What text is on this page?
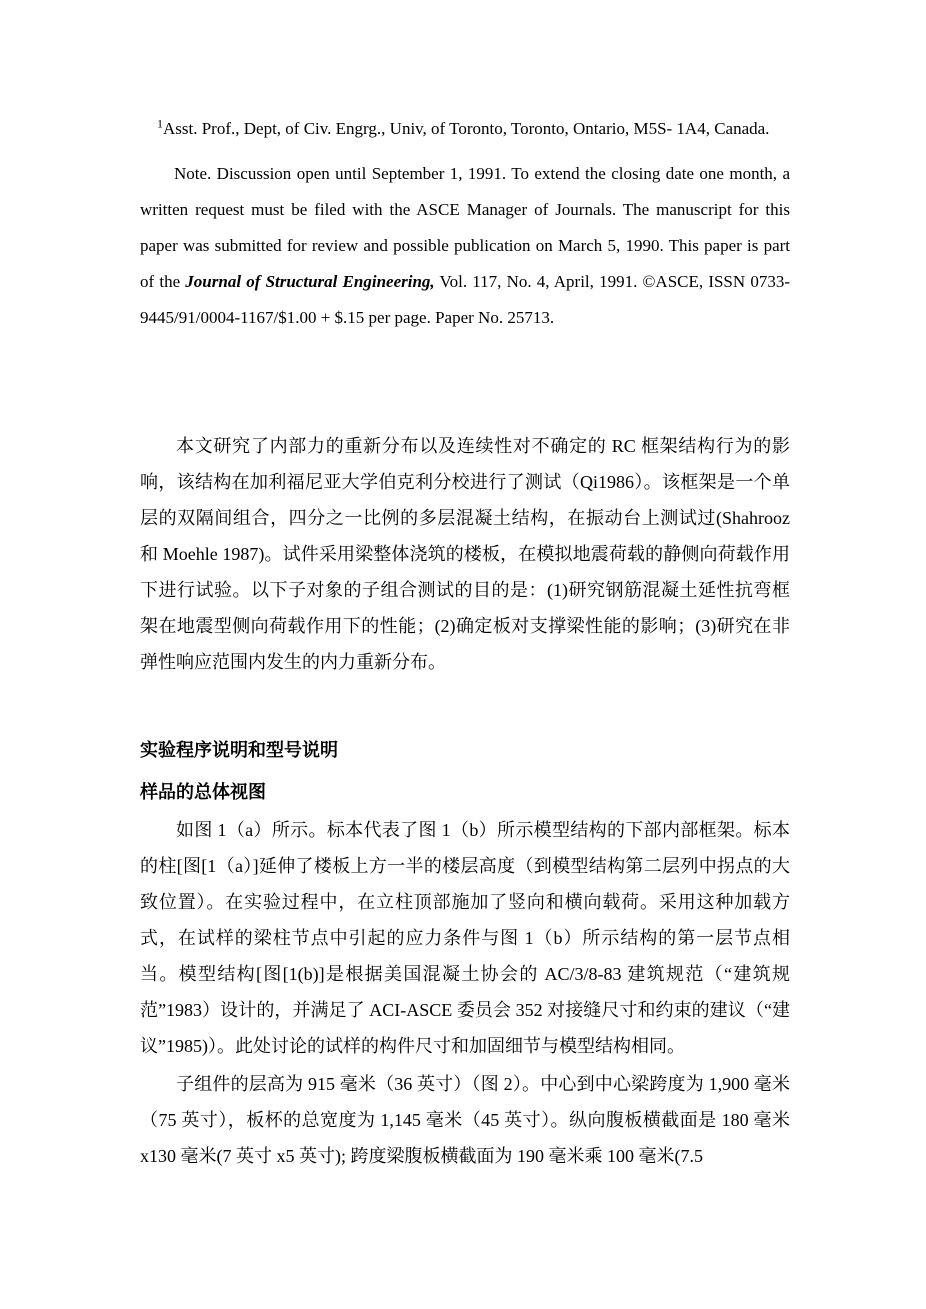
$^1$Asst. Prof., Dept, of Civ. Engrg., Univ, of Toronto, Toronto, Ontario, M5S- 1A4, Canada.

Note. Discussion open until September 1, 1991. To extend the closing date one month, a written request must be filed with the ASCE Manager of Journals. The manuscript for this paper was submitted for review and possible publication on March 5, 1990. This paper is part of the Journal of Structural Engineering, Vol. 117, No. 4, April, 1991. ©ASCE, ISSN 0733-9445/91/0004-1167/$1.00 + $.15 per page. Paper No. 25713.

本文研究了内部力的重新分布以及连续性对不确定的 RC 框架结构行为的影响，该结构在加利福尼亚大学伯克利分校进行了测试（Qi1986）。该框架是一个单层的双隔间组合，四分之一比例的多层混凝土结构，在振动台上测试过(Shahrooz 和 Moehle 1987)。试件采用梁整体浇筑的楼板，在模拟地震荷载的静侧向荷载作用下进行试验。以下子对象的子组合测试的目的是：(1)研究钢筋混凝土延性抗弯框架在地震型侧向荷载作用下的性能；(2)确定板对支撑梁性能的影响；(3)研究在非弹性响应范围内发生的内力重新分布。

实验程序说明和型号说明

样品的总体视图

如图 1（a）所示。标本代表了图 1（b）所示模型结构的下部内部框架。标本的柱[图[1（a）]延伸了楼板上方一半的楼层高度（到模型结构第二层列中拐点的大致位置）。在实验过程中，在立柱顶部施加了竖向和横向载荷。采用这种加载方式，在试样的梁柱节点中引起的应力条件与图 1（b）所示结构的第一层节点相当。模型结构[图[1(b)]是根据美国混凝土协会的 AC/3/8-83 建筑规范（“建筑规范”1983）设计的，并满足了 ACI-ASCE 委员会 352 对接缝尺寸和约束的建议（“建议”1985)）。此处讨论的试样的构件尺寸和加固细节与模型结构相同。

子组件的层高为 915 毫米（36 英寸）（图 2）。中心到中心梁跨度为 1,900 毫米（75 英寸），板杯的总宽度为 1,145 毫米（45 英寸）。纵向腹板横截面是 180 毫米 x130 毫米(7 英寸 x5 英寸); 跨度梁腹板横截面为 190 毫米乘 100 毫米(7.5
